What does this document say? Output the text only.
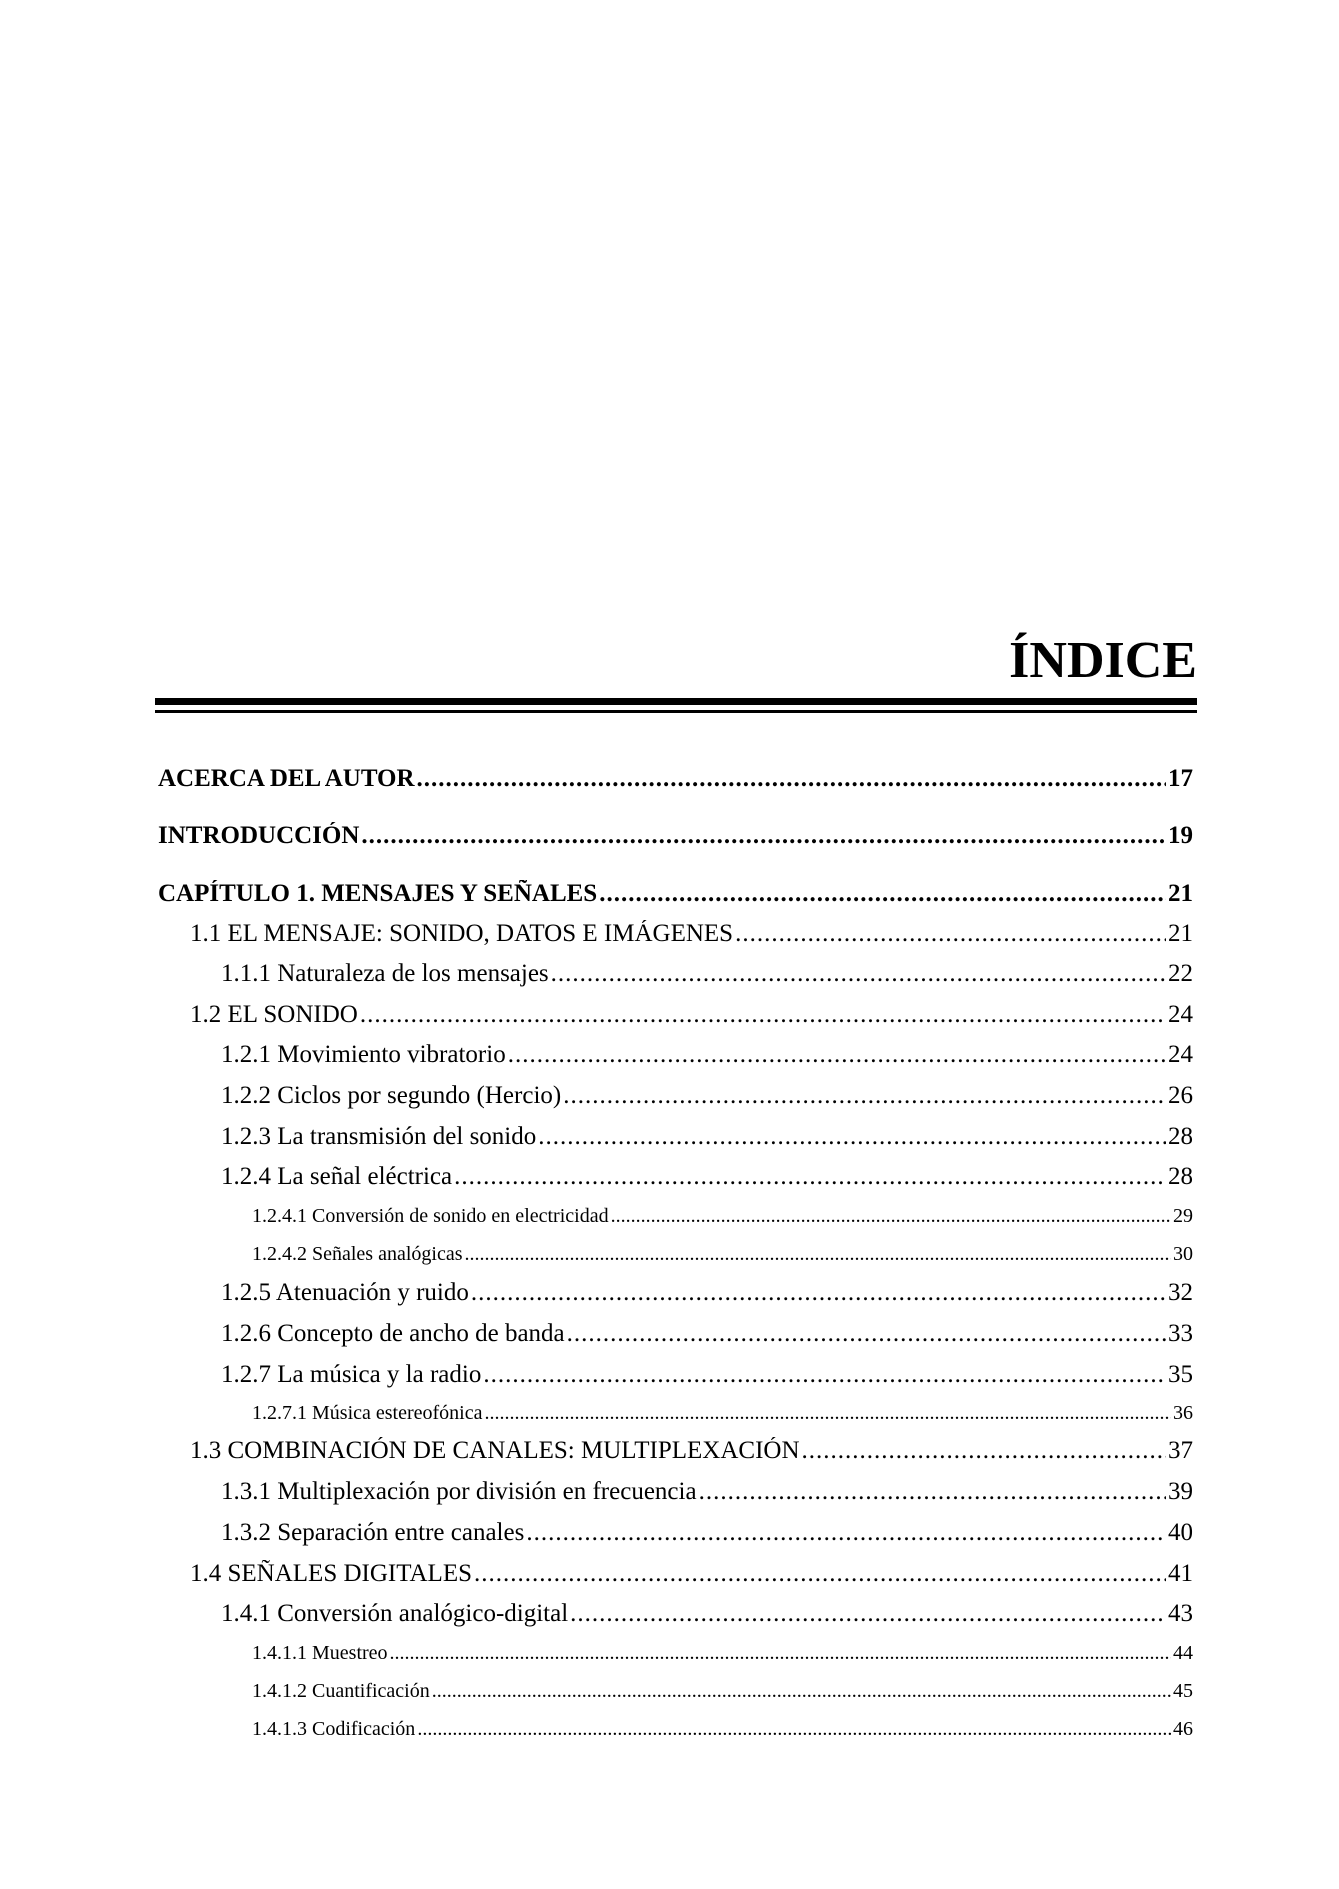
ÍNDICE
ACERCA DEL AUTOR .....	17
INTRODUCCIÓN .....	19
CAPÍTULO 1. MENSAJES Y SEÑALES .....	21
1.1 EL MENSAJE: SONIDO, DATOS E IMÁGENES .....	21
1.1.1 Naturaleza de los mensajes .....	22
1.2 EL SONIDO .....	24
1.2.1 Movimiento vibratorio .....	24
1.2.2 Ciclos por segundo (Hercio) .....	26
1.2.3 La transmisión del sonido .....	28
1.2.4 La señal eléctrica .....	28
1.2.4.1 Conversión de sonido en electricidad .....	29
1.2.4.2 Señales analógicas .....	30
1.2.5 Atenuación y ruido .....	32
1.2.6 Concepto de ancho de banda .....	33
1.2.7 La música y la radio .....	35
1.2.7.1 Música estereofónica .....	36
1.3 COMBINACIÓN DE CANALES: MULTIPLEXACIÓN .....	37
1.3.1 Multiplexación por división en frecuencia .....	39
1.3.2 Separación entre canales .....	40
1.4 SEÑALES DIGITALES .....	41
1.4.1 Conversión analógico-digital .....	43
1.4.1.1 Muestreo .....	44
1.4.1.2 Cuantificación .....	45
1.4.1.3 Codificación .....	46
